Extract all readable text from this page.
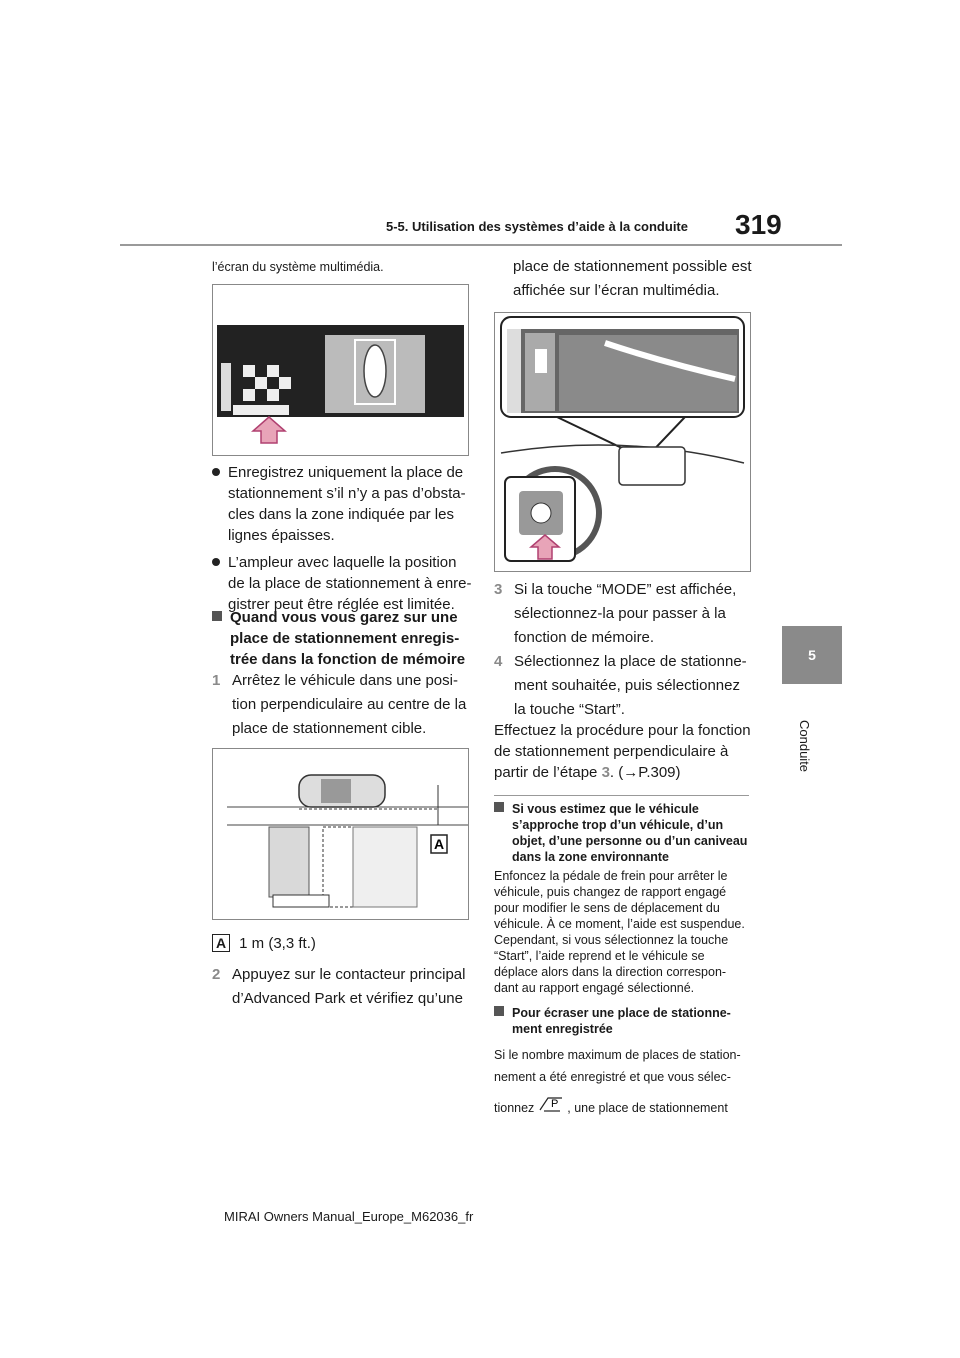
5-5. Utilisation des systèmes d’aide à la conduite 319
5
Conduite
l’écran du système multimédia.
Enregistrez uniquement la place de
stationnement s’il n’y a pas d’obsta-
cles dans la zone indiquée par les
lignes épaisses.
L’ampleur avec laquelle la position
de la place de stationnement à enre-
gistrer peut être réglée est limitée.
Quand vous vous garez sur une
place de stationnement enregis-
trée dans la fonction de mémoire
1 Arrêtez le véhicule dans une posi-
tion perpendiculaire au centre de la
place de stationnement cible.
A
A 1 m (3,3 ft.)
2 Appuyez sur le contacteur principal
d’Advanced Park et vérifiez qu’une
place de stationnement possible est
affichée sur l’écran multimédia.
3 Si la touche “MODE” est affichée,
sélectionnez-la pour passer à la
fonction de mémoire.
4 Sélectionnez la place de stationne-
ment souhaitée, puis sélectionnez
la touche “Start”.
Effectuez la procédure pour la fonction
de stationnement perpendiculaire à
partir de l’étape 3. (→P.309)
Si vous estimez que le véhicule
s’approche trop d’un véhicule, d’un
objet, d’une personne ou d’un caniveau
dans la zone environnante
Enfoncez la pédale de frein pour arrêter le
véhicule, puis changez de rapport engagé
pour modifier le sens de déplacement du
véhicule. À ce moment, l’aide est suspendue.
Cependant, si vous sélectionnez la touche
“Start”, l’aide reprend et le véhicule se
déplace alors dans la direction correspon-
dant au rapport engagé sélectionné.
Pour écraser une place de stationne-
ment enregistrée
Si le nombre maximum de places de station-
nement a été enregistré et que vous sélec-
tionnez P , une place de stationnement
MIRAI Owners Manual_Europe_M62036_fr
